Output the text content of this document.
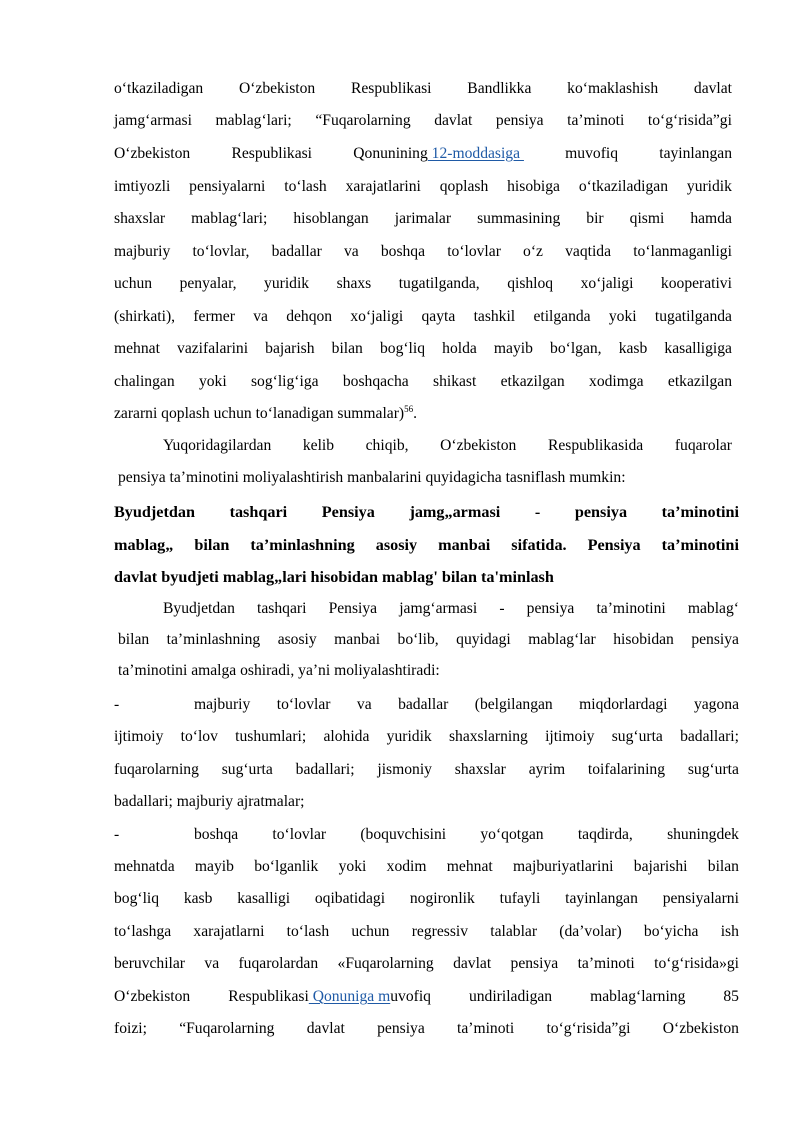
o‘tkaziladigan O‘zbekiston Respublikasi Bandlikka ko‘maklashish davlat
jamg‘armasi mablag‘lari; “Fuqarolarning davlat pensiya ta’minoti to‘g‘risida”gi
O‘zbekiston	Respublikasi	Qonunining 12-moddasiga	muvofiq	tayinlangan
imtiyozli pensiyalarni to‘lash xarajatlarini qoplash hisobiga o‘tkaziladigan yuridik
shaxslar mablag‘lari; hisoblangan jarimalar summasining bir qismi hamda
majburiy to‘lovlar, badallar va boshqa to‘lovlar o‘z vaqtida to‘lanmaganligi
uchun penyalar, yuridik shaxs tugatilganda, qishloq xo‘jaligi kooperativi
(shirkati), fermer va dehqon xo‘jaligi qayta tashkil etilganda yoki tugatilganda
mehnat vazifalarini bajarish bilan bog‘liq holda mayib bo‘lgan, kasb kasalligiga
chalingan yoki sog‘lig‘iga boshqacha shikast etkazilgan xodimga etkazilgan
zararni qoplash uchun to‘lanadigan summalar)$^{56}$.
Yuqoridagilardan kelib chiqib, O‘zbekiston Respublikasida fuqarolar
pensiya ta’minotini moliyalashtirish manbalarini quyidagicha tasniflash mumkin:
Byudjetdan tashqari Pensiya jamg„armasi - pensiya ta’minotini
mablag„ bilan ta’minlashning asosiy manbai sifatida. Pensiya ta’minotini
davlat byudjeti mablag„lari hisobidan mablag' bilan ta'minlash
Byudjetdan tashqari Pensiya jamg‘armasi - pensiya ta’minotini mablag‘
bilan ta’minlashning asosiy manbai bo‘lib, quyidagi mablag‘lar hisobidan pensiya
ta’minotini amalga oshiradi, ya’ni moliyalashtiradi:
-	majburiy to‘lovlar va badallar (belgilangan miqdorlardagi yagona
ijtimoiy to‘lov tushumlari; alohida yuridik shaxslarning ijtimoiy sug‘urta badallari;
fuqarolarning sug‘urta badallari; jismoniy shaxslar ayrim toifalarining sug‘urta
badallari; majburiy ajratmalar;
-	boshqa to‘lovlar (boquvchisini yo‘qotgan taqdirda, shuningdek
mehnatda mayib bo‘lganlik yoki xodim mehnat majburiyatlarini bajarishi bilan
bog‘liq kasb kasalligi oqibatidagi nogironlik tufayli tayinlangan pensiyalarni
to‘lashga xarajatlarni to‘lash uchun regressiv talablar (da’volar) bo‘yicha ish
beruvchilar va fuqarolardan «Fuqarolarning davlat pensiya ta’minoti to‘g‘risida»gi
O‘zbekiston Respublikasi Qonuniga muvofiq undiriladigan mablag‘larning 85
foizi; “Fuqarolarning davlat pensiya ta’minoti to‘g‘risida”gi O‘zbekiston
